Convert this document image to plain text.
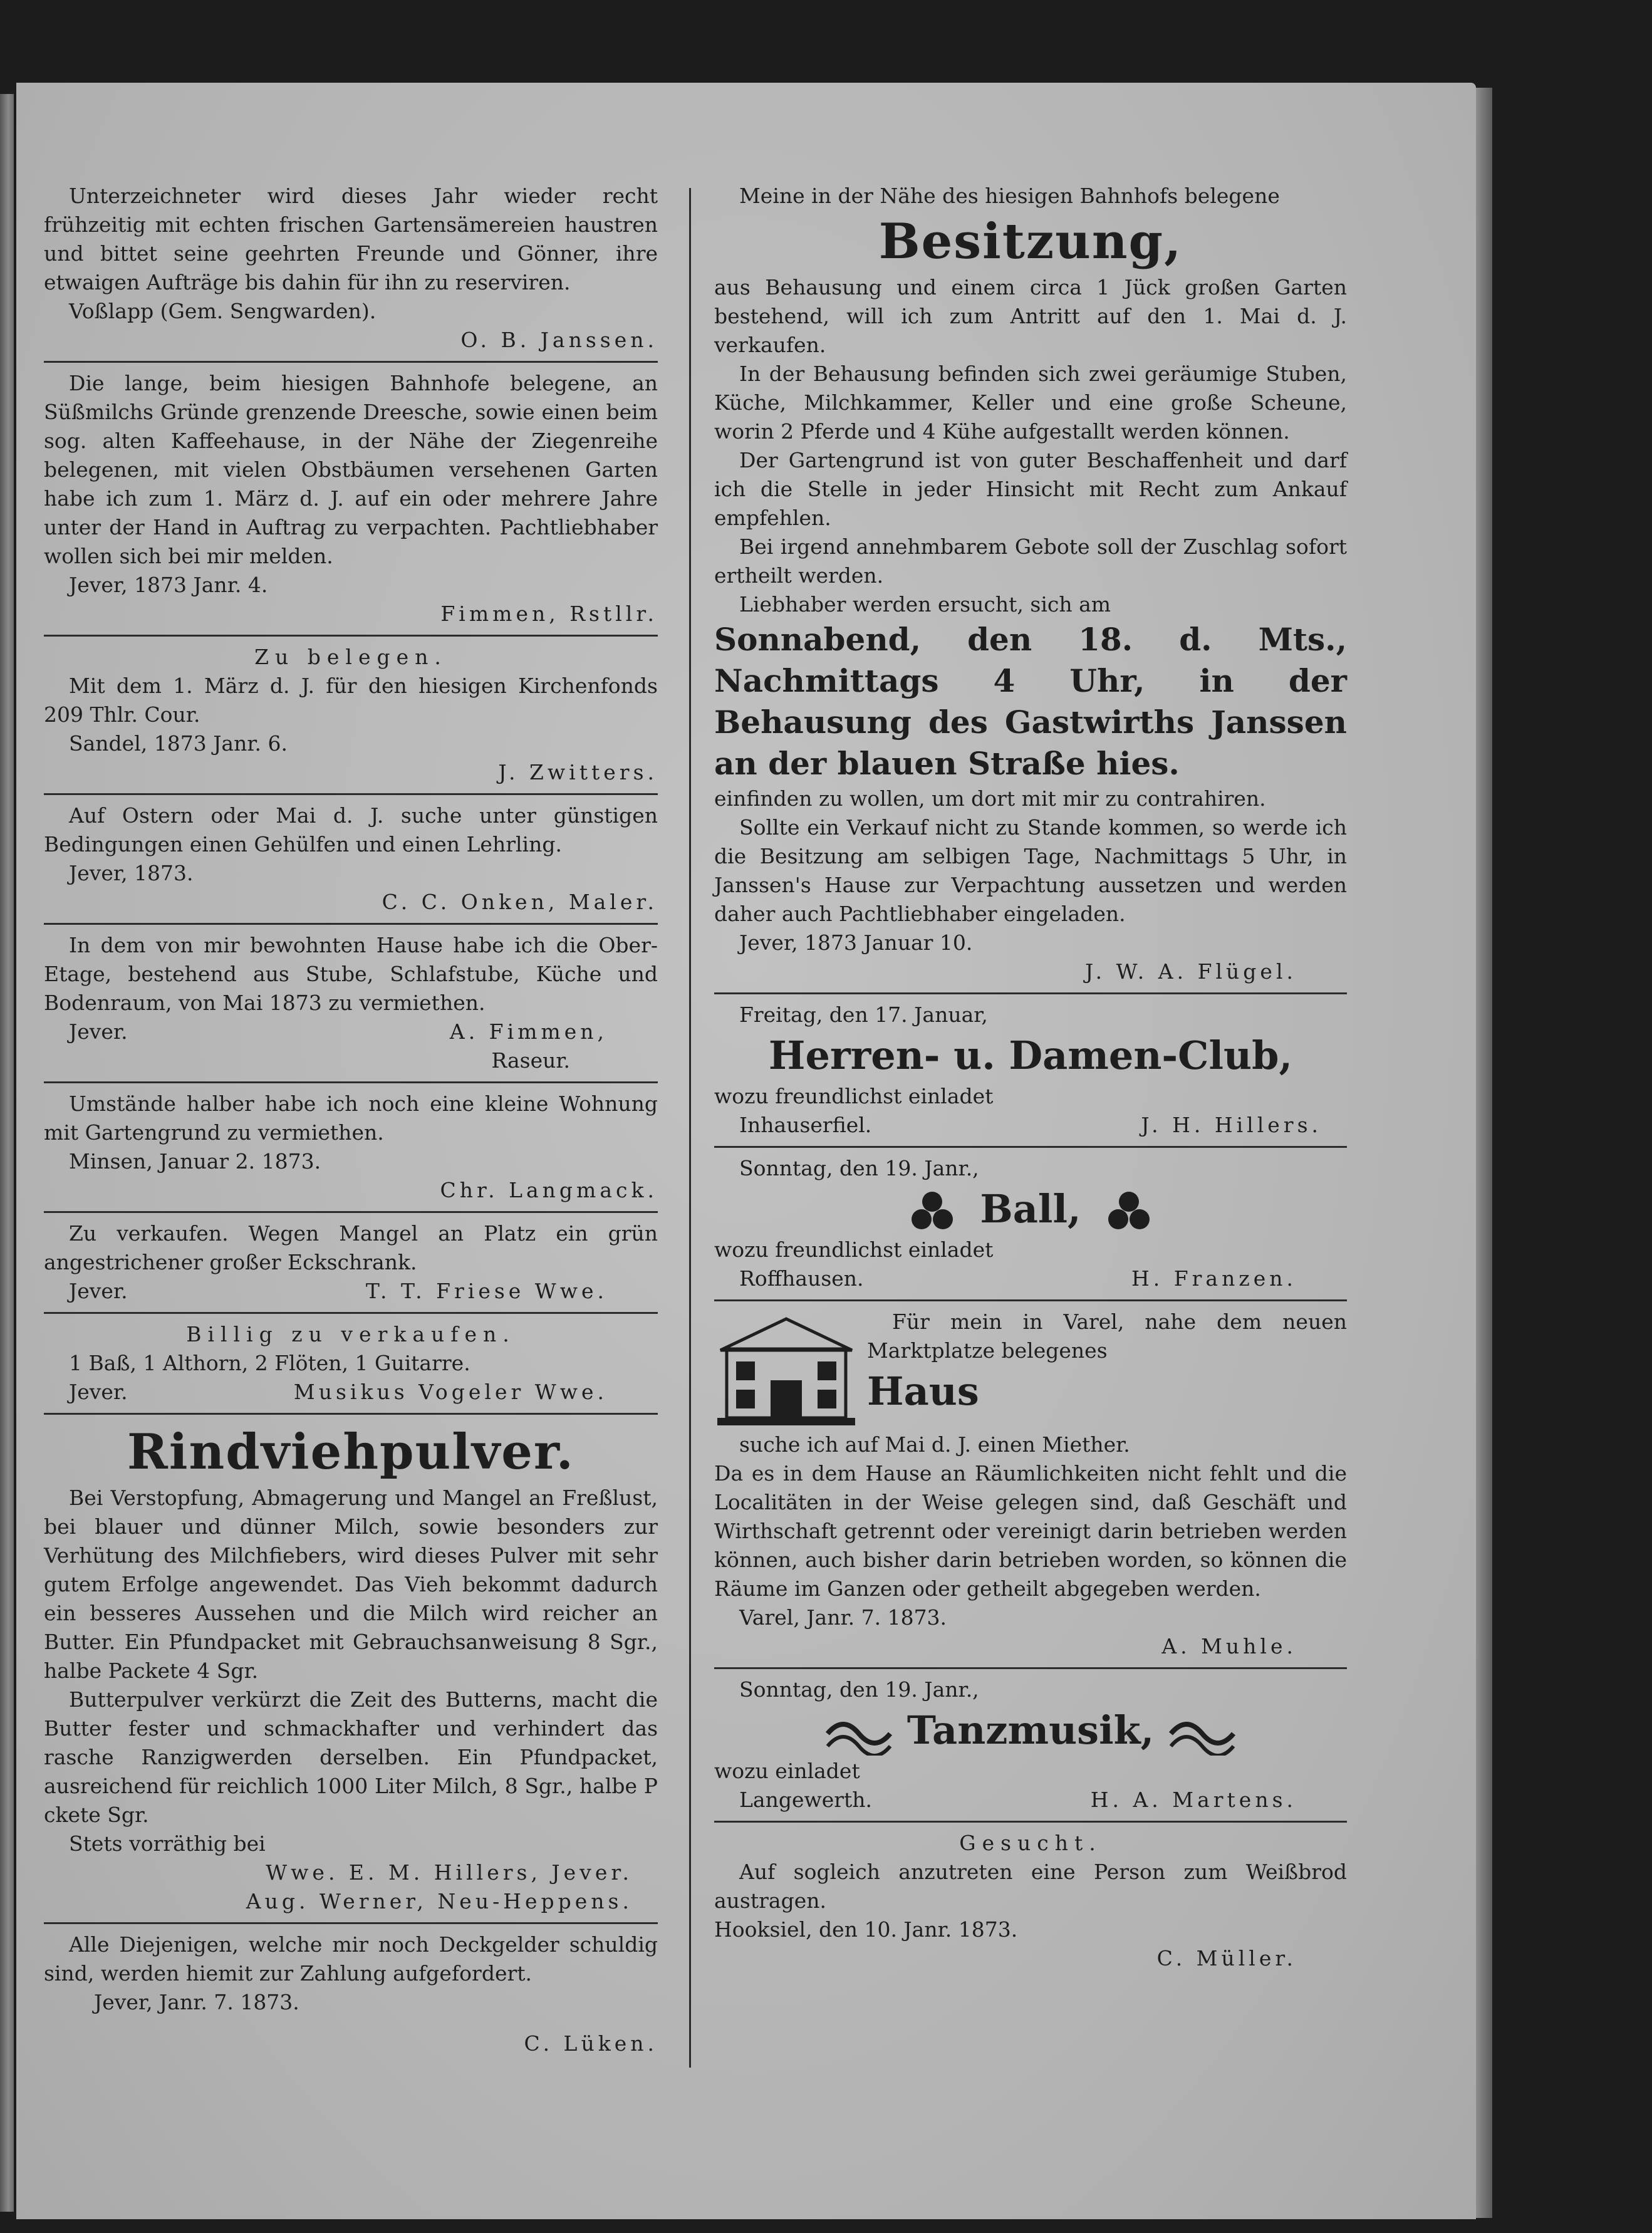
Unterzeichneter wird dieses Jahr wieder recht frühzeitig mit echten frischen Gartensämereien haustren und bittet seine geehrten Freunde und Gönner, ihre etwaigen Aufträge bis dahin für ihn zu reserviren.

Voßlapp (Gem. Sengwarden).

O. B. Janssen.

Die lange, beim hiesigen Bahnhofe belegene, an Süßmilchs Gründe grenzende Dreesche, sowie einen beim sog. alten Kaffeehause, in der Nähe der Ziegenreihe belegenen, mit vielen Obstbäumen versehenen Garten habe ich zum 1. März d. J. auf ein oder mehrere Jahre unter der Hand in Auftrag zu verpachten. Pachtliebhaber wollen sich bei mir melden.

Jever, 1873 Janr. 4.

Fimmen, Rstllr.

Zu belegen.

Mit dem 1. März d. J. für den hiesigen Kirchenfonds 209 Thlr. Cour.

Sandel, 1873 Janr. 6.

J. Zwitters.

Auf Ostern oder Mai d. J. suche unter günstigen Bedingungen einen Gehülfen und einen Lehrling.

Jever, 1873.

C. C. Onken, Maler.

In dem von mir bewohnten Hause habe ich die Ober-Etage, bestehend aus Stube, Schlafstube, Küche und Bodenraum, von Mai 1873 zu vermiethen.

Jever.	A. Fimmen,

Raseur.

Umstände halber habe ich noch eine kleine Wohnung mit Gartengrund zu vermiethen.

Minsen, Januar 2. 1873.

Chr. Langmack.

Zu verkaufen. Wegen Mangel an Platz ein grün angestrichener großer Eckschrank.

Jever.	T. T. Friese Wwe.

Billig zu verkaufen.

1 Baß, 1 Althorn, 2 Flöten, 1 Guitarre.

Jever.	Musikus Vogeler Wwe.
Rindviehpulver.

Bei Verstopfung, Abmagerung und Mangel an Freßlust, bei blauer und dünner Milch, sowie besonders zur Verhütung des Milchfiebers, wird dieses Pulver mit sehr gutem Erfolge angewendet. Das Vieh bekommt dadurch ein besseres Aussehen und die Milch wird reicher an Butter. Ein Pfundpacket mit Gebrauchsanweisung 8 Sgr., halbe Packete 4 Sgr.

Butterpulver verkürzt die Zeit des Butterns, macht die Butter fester und schmackhafter und verhindert das rasche Ranzigwerden derselben. Ein Pfundpacket, ausreichend für reichlich 1000 Liter Milch, 8 Sgr., halbe P ckete Sgr.

Stets vorräthig bei

Wwe. E. M. Hillers, Jever.

Aug. Werner, Neu-Heppens.

Alle Diejenigen, welche mir noch Deckgelder schuldig sind, werden hiemit zur Zahlung aufgefordert.

Jever, Janr. 7. 1873.

C. Lüken.

Meine in der Nähe des hiesigen Bahnhofs belegene

Besitzung,

aus Behausung und einem circa 1 Jück großen Garten bestehend, will ich zum Antritt auf den 1. Mai d. J. verkaufen.

In der Behausung befinden sich zwei geräumige Stuben, Küche, Milchkammer, Keller und eine große Scheune, worin 2 Pferde und 4 Kühe aufgestallt werden können.

Der Gartengrund ist von guter Beschaffenheit und darf ich die Stelle in jeder Hinsicht mit Recht zum Ankauf empfehlen.

Bei irgend annehmbarem Gebote soll der Zuschlag sofort ertheilt werden.

Liebhaber werden ersucht, sich am

Sonnabend, den 18. d. Mts., Nachmittags 4 Uhr, in der Behausung des Gastwirths Janssen an der blauen Straße hies.

einfinden zu wollen, um dort mit mir zu contrahiren.

Sollte ein Verkauf nicht zu Stande kommen, so werde ich die Besitzung am selbigen Tage, Nachmittags 5 Uhr, in Janssen's Hause zur Verpachtung aussetzen und werden daher auch Pachtliebhaber eingeladen.

Jever, 1873 Januar 10.

J. W. A. Flügel.

Freitag, den 17. Januar,

Herren- u. Damen-Club,

wozu freundlichst einladet

Inhauserfiel.	J. H. Hillers.

Sonntag, den 19. Janr.,

Ball,

wozu freundlichst einladet

Roffhausen.	H. Franzen.

Für mein in Varel, nahe dem neuen Marktplatze belegenes

Haus

suche ich auf Mai d. J. einen Miether.

Da es in dem Hause an Räumlichkeiten nicht fehlt und die Localitäten in der Weise gelegen sind, daß Geschäft und Wirthschaft getrennt oder vereinigt darin betrieben werden können, auch bisher darin betrieben worden, so können die Räume im Ganzen oder getheilt abgegeben werden.

Varel, Janr. 7. 1873.

A. Muhle.

Sonntag, den 19. Janr.,

Tanzmusik,

wozu einladet

Langewerth.	H. A. Martens.

Gesucht.

Auf sogleich anzutreten eine Person zum Weißbrod austragen.

Hooksiel, den 10. Janr. 1873.

C. Müller.
